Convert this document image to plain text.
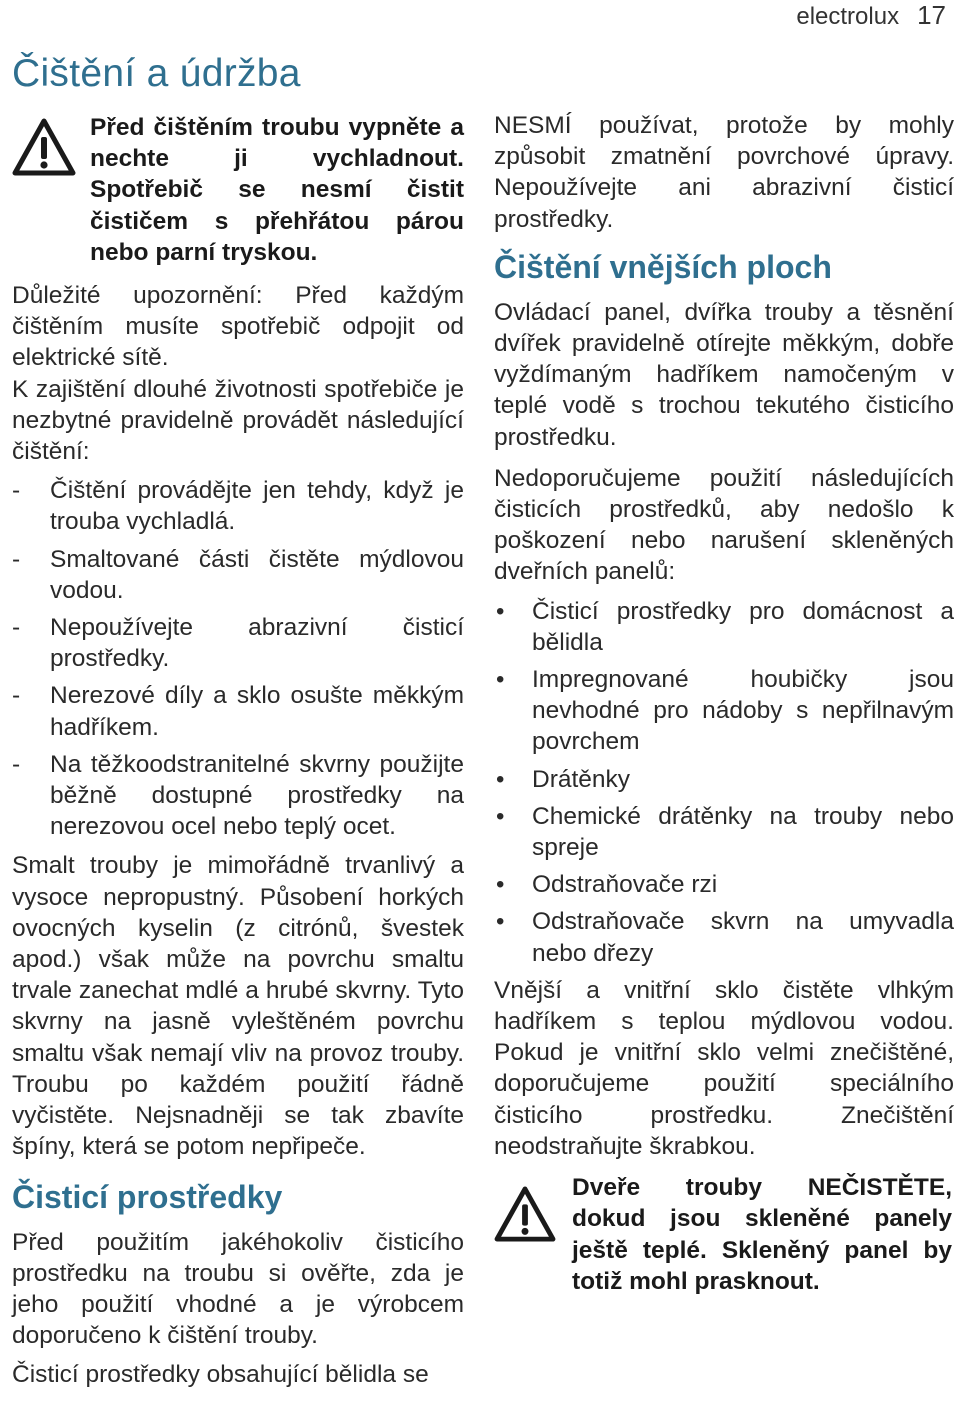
electrolux 17
Čištění a údržba

Před čištěním troubu vypněte a nechte ji vychladnout. Spotřebič se nesmí čistit čističem s přehřátou párou nebo parní tryskou.

Důležité upozornění: Před každým čištěním musíte spotřebič odpojit od elektrické sítě.

K zajištění dlouhé životnosti spotřebiče je nezbytné pravidelně provádět následující čištění:

- Čištění provádějte jen tehdy, když je trouba vychladlá.
- Smaltované části čistěte mýdlovou vodou.
- Nepoužívejte abrazivní čisticí prostředky.
- Nerezové díly a sklo osušte měkkým hadříkem.
- Na těžkoodstranitelné skvrny použijte běžně dostupné prostředky na nerezovou ocel nebo teplý ocet.

Smalt trouby je mimořádně trvanlivý a vysoce nepropustný. Působení horkých ovocných kyselin (z citrónů, švestek apod.) však může na povrchu smaltu trvale zanechat mdlé a hrubé skvrny. Tyto skvrny na jasně vyleštěném povrchu smaltu však nemají vliv na provoz trouby. Troubu po každém použití řádně vyčistěte. Nejsnadněji se tak zbavíte špíny, která se potom nepřipeče.

Čisticí prostředky

Před použitím jakéhokoliv čisticího prostředku na troubu si ověřte, zda je jeho použití vhodné a je výrobcem doporučeno k čištění trouby.

Čisticí prostředky obsahující bělidla se

NESMÍ používat, protože by mohly způsobit zmatnění povrchové úpravy. Nepoužívejte ani abrazivní čisticí prostředky.

Čištění vnějších ploch

Ovládací panel, dvířka trouby a těsnění dvířek pravidelně otírejte měkkým, dobře vyždímaným hadříkem namočeným v teplé vodě s trochou tekutého čisticího prostředku.

Nedoporučujeme použití následujících čisticích prostředků, aby nedošlo k poškození nebo narušení skleněných dveřních panelů:

• Čisticí prostředky pro domácnost a bělidla
• Impregnované houbičky jsou nevhodné pro nádoby s nepřilnavým povrchem
• Drátěnky
• Chemické drátěnky na trouby nebo spreje
• Odstraňovače rzi
• Odstraňovače skvrn na umyvadla nebo dřezy

Vnější a vnitřní sklo čistěte vlhkým hadříkem s teplou mýdlovou vodou. Pokud je vnitřní sklo velmi znečištěné, doporučujeme použití speciálního čisticího prostředku. Znečištění neodstraňujte škrabkou.

Dveře trouby NEČISTĚTE, dokud jsou skleněné panely ještě teplé. Skleněný panel by totiž mohl prasknout.
